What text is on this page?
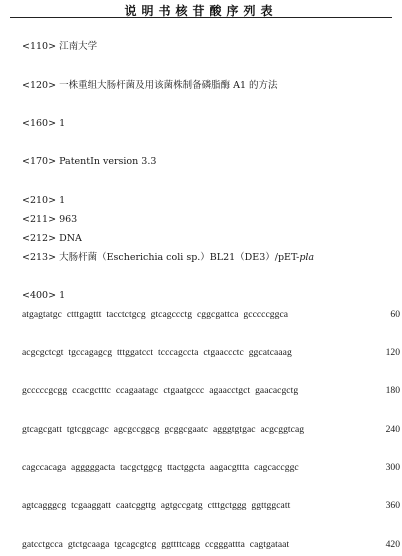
说明书核苷酸序列表
<110> 江南大学
<120> 一株重组大肠杆菌及用该菌株制备磷脂酶 A1 的方法
<160> 1
<170> PatentIn version 3.3
<210> 1
<211> 963
<212> DNA
<213> 大肠杆菌（Escherichia coli sp.）BL21（DE3）/pET-pla
<400> 1
atgagtatgc  ctttgagttt  tacctctgcg  gtcagccctg  cggcgattca  gcccccggca	60
acgcgctcgt  tgccagagcg  tttggatcct  tcccagccta  ctgaaccctc  ggcatcaaag	120
gcccccgcgg  ccacgctttc  ccagaatagc  ctgaatgccc  agaacctgct  gaacacgctg	180
gtcagcgatt  tgtcggcagc  agcgccggcg  gcggcgaatc  agggtgtgac  acgcggtcag	240
cagccacaga  agggggacta  tacgctggcg  ttactggcta  aagacgttta  cagcaccggc	300
agtcagggcg  tcgaaggatt  caatcggttg  agtgccgatg  ctttgctggg  ggttggcatt	360
gatcctgcca  gtctgcaaga  tgcagcgtcg  ggttttcagg  ccgggattta  cagtgataat	420
